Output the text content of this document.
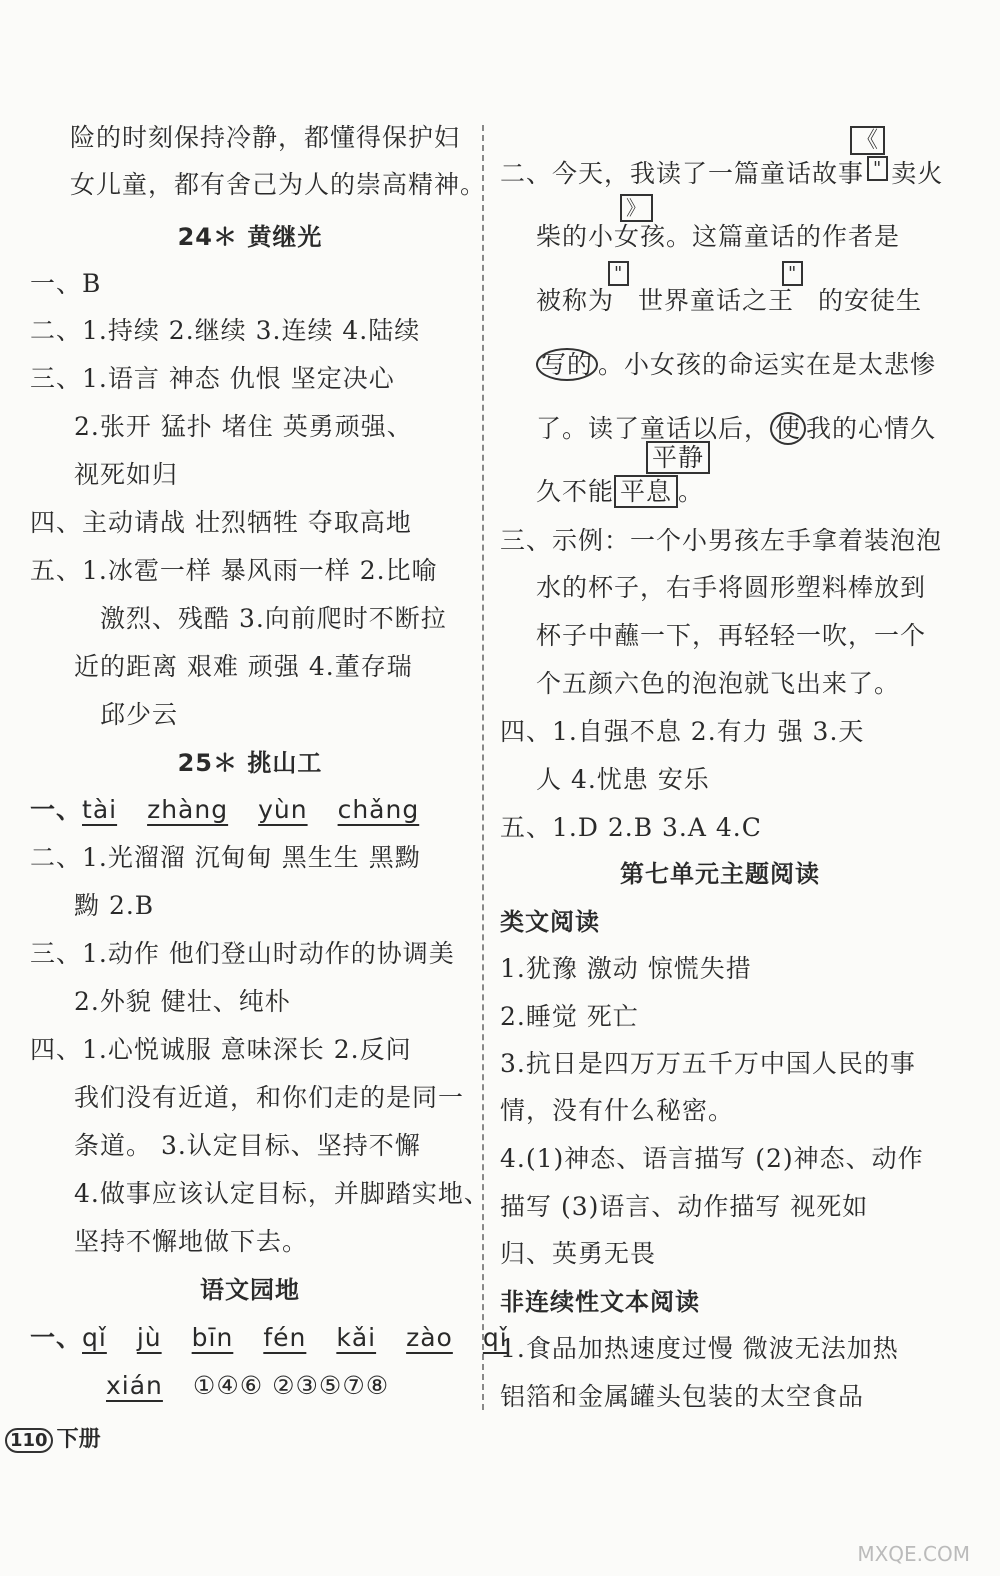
险的时刻保持冷静，都懂得保护妇
女儿童，都有舍己为人的崇高精神。
24＊ 黄继光
一、B
二、1.持续 2.继续 3.连续 4.陆续
三、1.语言 神态 仇恨 坚定决心
2.张开 猛扑 堵住 英勇顽强、
视死如归
四、主动请战 壮烈牺牲 夺取高地
五、1.冰雹一样 暴风雨一样 2.比喻
激烈、残酷 3.向前爬时不断拉
近的距离 艰难 顽强 4.董存瑞
邱少云
25＊ 挑山工
一、tài zhàng yùn chǎng
二、1.光溜溜 沉甸甸 黑生生 黑黝
黝 2.B
三、1.动作 他们登山时动作的协调美
2.外貌 健壮、纯朴
四、1.心悦诚服 意味深长 2.反问
我们没有近道，和你们走的是同一
条道。 3.认定目标、坚持不懈
4.做事应该认定目标，并脚踏实地、
坚持不懈地做下去。
语文园地
一、qǐ jù bīn fén kǎi zào qǐ
xián ①④⑥ ②③⑤⑦⑧
二、今天，我读了一篇童话故事 " 卖火
《
柴的小女孩。这篇童话的作者是
》
被称为 世界童话之王 的安徒生
"	"
写的 。小女孩的命运实在是太悲惨
了。读了童话以后， 使 我的心情久
平静
久不能 平息 。
三、示例：一个小男孩左手拿着装泡泡
水的杯子，右手将圆形塑料棒放到
杯子中蘸一下，再轻轻一吹，一个
个五颜六色的泡泡就飞出来了。
四、1.自强不息 2.有力 强 3.天
人 4.忧患 安乐
五、1.D 2.B 3.A 4.C
第七单元主题阅读
类文阅读
1.犹豫 激动 惊慌失措
2.睡觉 死亡
3.抗日是四万万五千万中国人民的事
情，没有什么秘密。
4.(1)神态、语言描写 (2)神态、动作
描写 (3)语言、动作描写 视死如
归、英勇无畏
非连续性文本阅读
1.食品加热速度过慢 微波无法加热
铝箔和金属罐头包装的太空食品
110 下册
MXQE.COM
